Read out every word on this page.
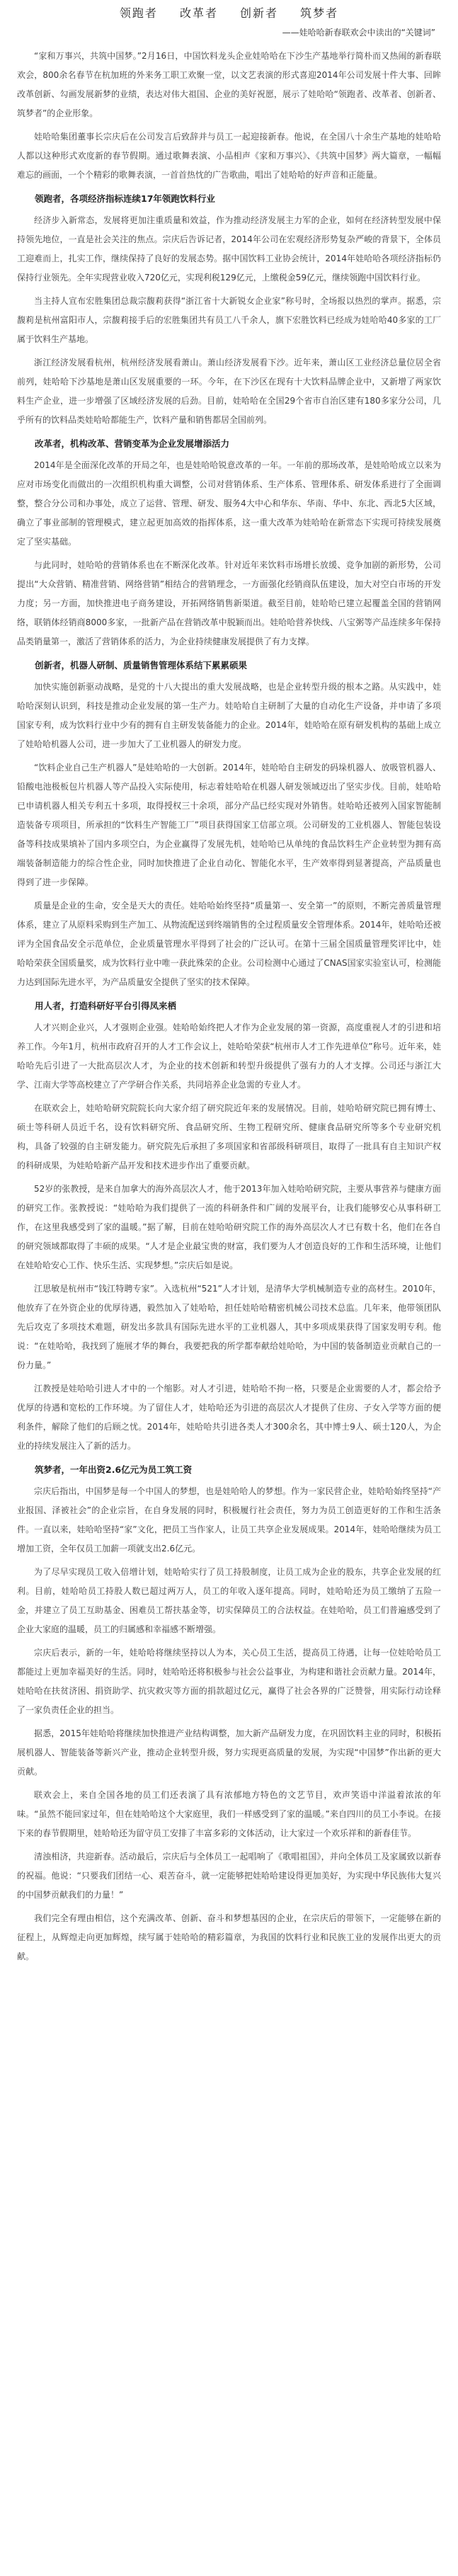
领跑者 改革者 创新者 筑梦者
——娃哈哈新春联欢会中读出的“关键词”

“家和万事兴，共筑中国梦。”2月16日，中国饮料龙头企业娃哈哈在下沙生产基地举行简朴而又热闹的新春联欢会，800余名春节在杭加班的外来务工职工欢聚一堂，以文艺表演的形式喜迎2014年公司发展十件大事、回眸改革创新、勾画发展新梦的业绩，表达对伟大祖国、企业的美好祝愿，展示了娃哈哈“领跑者、改革者、创新者、筑梦者”的企业形象。

娃哈哈集团董事长宗庆后在公司发言后致辞并与员工一起迎接新春。他说，在全国八十余生产基地的娃哈哈人都以这种形式欢度新的春节假期。通过歌舞表演、小品相声《家和万事兴》、《共筑中国梦》两大篇章，一幅幅难忘的画面，一个个精彩的歌舞表演，一首首热忱的广告歌曲，唱出了娃哈哈的好声音和正能量。

领跑者，各项经济指标连续17年领跑饮料行业

经济步入新常态，发展将更加注重质量和效益，作为推动经济发展主力军的企业，如何在经济转型发展中保持领先地位，一直是社会关注的焦点。宗庆后告诉记者，2014年公司在宏观经济形势复杂严峻的背景下，全体员工迎难而上，扎实工作，继续保持了良好的发展态势。据中国饮料工业协会统计，2014年娃哈哈各项经济指标仍保持行业领先。全年实现营业收入720亿元，实现利税129亿元，上缴税金59亿元，继续领跑中国饮料行业。

当主持人宣布宏胜集团总裁宗馥莉获得“浙江省十大新锐女企业家”称号时，全场报以热烈的掌声。据悉，宗馥莉是杭州富阳市人，宗馥莉接手后的宏胜集团共有员工八千余人，旗下宏胜饮料已经成为娃哈哈40多家的工厂属于饮料生产基地。

浙江经济发展看杭州，杭州经济发展看萧山。萧山经济发展看下沙。近年来，萧山区工业经济总量位居全省前列，娃哈哈下沙基地是萧山区发展重要的一环。今年，在下沙区在现有十大饮料品牌企业中，又新增了两家饮料生产企业，进一步增强了区域经济发展的后劲。目前，娃哈哈在全国29个省市自治区建有180多家分公司，几乎所有的饮料品类娃哈哈都能生产，饮料产量和销售都居全国前列。

改革者，机构改革、营销变革为企业发展增添活力

2014年是全面深化改革的开局之年，也是娃哈哈锐意改革的一年。一年前的那场改革，是娃哈哈成立以来为应对市场变化而做出的一次组织机构重大调整，公司对营销体系、生产体系、管理体系、研发体系进行了全面调整，整合分公司和办事处，成立了运营、管理、研发、服务4大中心和华东、华南、华中、东北、西北5大区域，确立了事业部制的管理模式，建立起更加高效的指挥体系，这一重大改革为娃哈哈在新常态下实现可持续发展奠定了坚实基础。

与此同时，娃哈哈的营销体系也在不断深化改革。针对近年来饮料市场增长放缓、竞争加剧的新形势，公司提出“大众营销、精准营销、网络营销”相结合的营销理念，一方面强化经销商队伍建设，加大对空白市场的开发力度；另一方面，加快推进电子商务建设，开拓网络销售新渠道。截至目前，娃哈哈已建立起覆盖全国的营销网络，联销体经销商8000多家，一批新产品在营销改革中脱颖而出。娃哈哈营养快线、八宝粥等产品连续多年保持品类销量第一，激活了营销体系的活力，为企业持续健康发展提供了有力支撑。

创新者，机器人研制、质量销售管理体系结下累累硕果

加快实施创新驱动战略，是党的十八大提出的重大发展战略，也是企业转型升级的根本之路。从实践中，娃哈哈深刻认识到，科技是推动企业发展的第一生产力。娃哈哈自主研制了大量的自动化生产设备，并申请了多项国家专利，成为饮料行业中少有的拥有自主研发装备能力的企业。2014年，娃哈哈在原有研发机构的基础上成立了娃哈哈机器人公司，进一步加大了工业机器人的研发力度。

“饮料企业自己生产机器人”是娃哈哈的一大创新。2014年，娃哈哈自主研发的码垛机器人、放吸管机器人、铅酸电池极板包片机器人等产品投入实际使用，标志着娃哈哈在机器人研发领域迈出了坚实步伐。目前，娃哈哈已申请机器人相关专利五十多项，取得授权三十余项，部分产品已经实现对外销售。娃哈哈还被列入国家智能制造装备专项项目，所承担的“饮料生产智能工厂”项目获得国家工信部立项。公司研发的工业机器人、智能包装设备等科技成果填补了国内多项空白，为企业赢得了发展先机，娃哈哈已从单纯的食品饮料生产企业转型为拥有高端装备制造能力的综合性企业，同时加快推进了企业自动化、智能化水平，生产效率得到显著提高，产品质量也得到了进一步保障。

质量是企业的生命，安全是天大的责任。娃哈哈始终坚持“质量第一、安全第一”的原则，不断完善质量管理体系，建立了从原料采购到生产加工、从物流配送到终端销售的全过程质量安全管理体系。2014年，娃哈哈还被评为全国食品安全示范单位，企业质量管理水平得到了社会的广泛认可。在第十三届全国质量管理奖评比中，娃哈哈荣获全国质量奖，成为饮料行业中唯一获此殊荣的企业。公司检测中心通过了CNAS国家实验室认可，检测能力达到国际先进水平，为产品质量安全提供了坚实的技术保障。

用人者，打造科研好平台引得凤来栖

人才兴则企业兴，人才强则企业强。娃哈哈始终把人才作为企业发展的第一资源，高度重视人才的引进和培养工作。今年1月，杭州市政府召开的人才工作会议上，娃哈哈荣获“杭州市人才工作先进单位”称号。近年来，娃哈哈先后引进了一大批高层次人才，为企业的技术创新和转型升级提供了强有力的人才支撑。公司还与浙江大学、江南大学等高校建立了产学研合作关系，共同培养企业急需的专业人才。

在联欢会上，娃哈哈研究院院长向大家介绍了研究院近年来的发展情况。目前，娃哈哈研究院已拥有博士、硕士等科研人员近千名，设有饮料研究所、食品研究所、生物工程研究所、健康食品研究所等多个专业研究机构，具备了较强的自主研发能力。研究院先后承担了多项国家和省部级科研项目，取得了一批具有自主知识产权的科研成果，为娃哈哈新产品开发和技术进步作出了重要贡献。

52岁的张教授，是来自加拿大的海外高层次人才，他于2013年加入娃哈哈研究院，主要从事营养与健康方面的研究工作。张教授说：“娃哈哈为我们提供了一流的科研条件和广阔的发展平台，让我们能够安心从事科研工作，在这里我感受到了家的温暖。”据了解，目前在娃哈哈研究院工作的海外高层次人才已有数十名，他们在各自的研究领域都取得了丰硕的成果。“人才是企业最宝贵的财富，我们要为人才创造良好的工作和生活环境，让他们在娃哈哈安心工作、快乐生活、实现梦想。”宗庆后如是说。

江思敏是杭州市“钱江特聘专家”。入选杭州“521”人才计划，是清华大学机械制造专业的高材生。2010年，他放弃了在外资企业的优厚待遇，毅然加入了娃哈哈，担任娃哈哈精密机械公司技术总监。几年来，他带领团队先后攻克了多项技术难题，研发出多款具有国际先进水平的工业机器人，其中多项成果获得了国家发明专利。他说：“在娃哈哈，我找到了施展才华的舞台，我要把我的所学都奉献给娃哈哈，为中国的装备制造业贡献自己的一份力量。”

江教授是娃哈哈引进人才中的一个缩影。对人才引进，娃哈哈不拘一格，只要是企业需要的人才，都会给予优厚的待遇和宽松的工作环境。为了留住人才，娃哈哈还为引进的高层次人才提供了住房、子女入学等方面的便利条件，解除了他们的后顾之忧。2014年，娃哈哈共引进各类人才300余名，其中博士9人、硕士120人，为企业的持续发展注入了新的活力。

筑梦者，一年出资2.6亿元为员工筑工资

宗庆后指出，中国梦是每一个中国人的梦想，也是娃哈哈人的梦想。作为一家民营企业，娃哈哈始终坚持“产业报国、泽被社会”的企业宗旨，在自身发展的同时，积极履行社会责任，努力为员工创造更好的工作和生活条件。一直以来，娃哈哈坚持“家”文化，把员工当作家人，让员工共享企业发展成果。2014年，娃哈哈继续为员工增加工资，全年仅员工加薪一项就支出2.6亿元。

为了尽早实现员工收入倍增计划，娃哈哈实行了员工持股制度，让员工成为企业的股东，共享企业发展的红利。目前，娃哈哈员工持股人数已超过两万人，员工的年收入逐年提高。同时，娃哈哈还为员工缴纳了五险一金，并建立了员工互助基金、困难员工帮扶基金等，切实保障员工的合法权益。在娃哈哈，员工们普遍感受到了企业大家庭的温暖，员工的归属感和幸福感不断增强。

宗庆后表示，新的一年，娃哈哈将继续坚持以人为本，关心员工生活，提高员工待遇，让每一位娃哈哈员工都能过上更加幸福美好的生活。同时，娃哈哈还将积极参与社会公益事业，为构建和谐社会贡献力量。2014年，娃哈哈在扶贫济困、捐资助学、抗灾救灾等方面的捐款超过亿元，赢得了社会各界的广泛赞誉，用实际行动诠释了一家负责任企业的担当。

据悉，2015年娃哈哈将继续加快推进产业结构调整，加大新产品研发力度，在巩固饮料主业的同时，积极拓展机器人、智能装备等新兴产业，推动企业转型升级，努力实现更高质量的发展，为实现“中国梦”作出新的更大贡献。

联欢会上，来自全国各地的员工们还表演了具有浓郁地方特色的文艺节目，欢声笑语中洋溢着浓浓的年味。“虽然不能回家过年，但在娃哈哈这个大家庭里，我们一样感受到了家的温暖。”来自四川的员工小李说。在接下来的春节假期里，娃哈哈还为留守员工安排了丰富多彩的文体活动，让大家过一个欢乐祥和的新春佳节。

清浊相济，共迎新春。活动最后，宗庆后与全体员工一起唱响了《歌唱祖国》，并向全体员工及家属致以新春的祝福。他说：“只要我们团结一心、艰苦奋斗，就一定能够把娃哈哈建设得更加美好，为实现中华民族伟大复兴的中国梦贡献我们的力量！”

我们完全有理由相信，这个充满改革、创新、奋斗和梦想基因的企业，在宗庆后的带领下，一定能够在新的征程上，从辉煌走向更加辉煌，续写属于娃哈哈的精彩篇章，为我国的饮料行业和民族工业的发展作出更大的贡献。
